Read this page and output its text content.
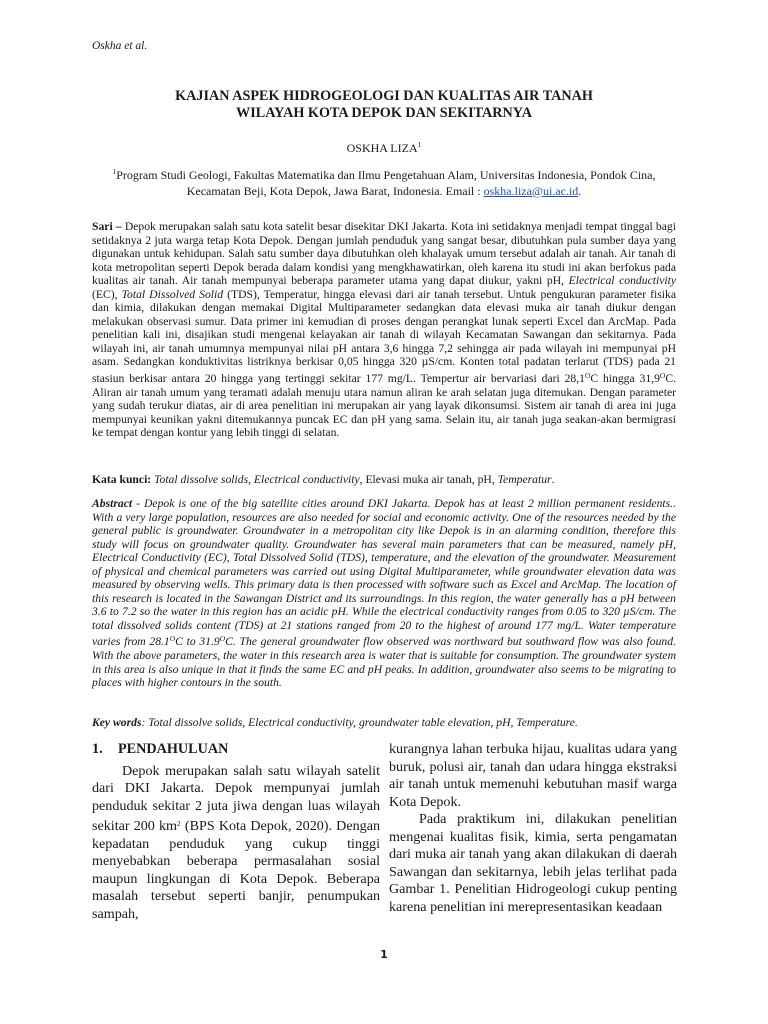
Oskha et al.
KAJIAN ASPEK HIDROGEOLOGI DAN KUALITAS AIR TANAH
WILAYAH KOTA DEPOK DAN SEKITARNYA
OSKHA LIZA$^1$
$^1$Program Studi Geologi, Fakultas Matematika dan Ilmu Pengetahuan Alam, Universitas Indonesia, Pondok Cina, Kecamatan Beji, Kota Depok, Jawa Barat, Indonesia. Email : oskha.liza@ui.ac.id.
Sari – Depok merupakan salah satu kota satelit besar disekitar DKI Jakarta. Kota ini setidaknya menjadi tempat tinggal bagi setidaknya 2 juta warga tetap Kota Depok. Dengan jumlah penduduk yang sangat besar, dibutuhkan pula sumber daya yang digunakan untuk kehidupan. Salah satu sumber daya dibutuhkan oleh khalayak umum tersebut adalah air tanah. Air tanah di kota metropolitan seperti Depok berada dalam kondisi yang mengkhawatirkan, oleh karena itu studi ini akan berfokus pada kualitas air tanah. Air tanah mempunyai beberapa parameter utama yang dapat diukur, yakni pH, Electrical conductivity (EC), Total Dissolved Solid (TDS), Temperatur, hingga elevasi dari air tanah tersebut. Untuk pengukuran parameter fisika dan kimia, dilakukan dengan memakai Digital Multiparameter sedangkan data elevasi muka air tanah diukur dengan melakukan observasi sumur. Data primer ini kemudian di proses dengan perangkat lunak seperti Excel dan ArcMap. Pada penelitian kali ini, disajikan studi mengenai kelayakan air tanah di wilayah Kecamatan Sawangan dan sekitarnya. Pada wilayah ini, air tanah umumnya mempunyai nilai pH antara 3,6 hingga 7,2 sehingga air pada wilayah ini mempunyai pH asam. Sedangkan konduktivitas listriknya berkisar 0,05 hingga 320 µS/cm. Konten total padatan terlarut (TDS) pada 21 stasiun berkisar antara 20 hingga yang tertinggi sekitar 177 mg/L. Tempertur air bervariasi dari $28,1^OC$ hingga $31,9^OC$. Aliran air tanah umum yang teramati adalah menuju utara namun aliran ke arah selatan juga ditemukan. Dengan parameter yang sudah terukur diatas, air di area penelitian ini merupakan air yang layak dikonsumsi. Sistem air tanah di area ini juga mempunyai keunikan yakni ditemukannya puncak EC dan pH yang sama. Selain itu, air tanah juga seakan-akan bermigrasi ke tempat dengan kontur yang lebih tinggi di selatan.
Kata kunci: Total dissolve solids, Electrical conductivity, Elevasi muka air tanah, pH, Temperatur.
Abstract - Depok is one of the big satellite cities around DKI Jakarta. Depok has at least 2 million permanent residents.. With a very large population, resources are also needed for social and economic activity. One of the resources needed by the general public is groundwater. Groundwater in a metropolitan city like Depok is in an alarming condition, therefore this study will focus on groundwater quality. Groundwater has several main parameters that can be measured, namely pH, Electrical Conductivity (EC), Total Dissolved Solid (TDS), temperature, and the elevation of the groundwater. Measurement of physical and chemical parameters was carried out using Digital Multiparameter, while groundwater elevation data was measured by observing wells. This primary data is then processed with software such as Excel and ArcMap. The location of this research is located in the Sawangan District and its surroundings. In this region, the water generally has a pH between 3.6 to 7.2 so the water in this region has an acidic pH. While the electrical conductivity ranges from 0.05 to 320 µS/cm. The total dissolved solids content (TDS) at 21 stations ranged from 20 to the highest of around 177 mg/L. Water temperature varies from $28.1^OC$ to $31.9^OC$. The general groundwater flow observed was northward but southward flow was also found. With the above parameters, the water in this research area is water that is suitable for consumption. The groundwater system in this area is also unique in that it finds the same EC and pH peaks. In addition, groundwater also seems to be migrating to places with higher contours in the south.
Key words: Total dissolve solids, Electrical conductivity, groundwater table elevation, pH, Temperature.
1. PENDAHULUAN

Depok merupakan salah satu wilayah satelit dari DKI Jakarta. Depok mempunyai jumlah penduduk sekitar 2 juta jiwa dengan luas wilayah sekitar 200 $km^2$ (BPS Kota Depok, 2020). Dengan kepadatan penduduk yang cukup tinggi menyebabkan beberapa permasalahan sosial maupun lingkungan di Kota Depok. Beberapa masalah tersebut seperti banjir, penumpukan sampah,

kurangnya lahan terbuka hijau, kualitas udara yang buruk, polusi air, tanah dan udara hingga ekstraksi air tanah untuk memenuhi kebutuhan masif warga Kota Depok.

Pada praktikum ini, dilakukan penelitian mengenai kualitas fisik, kimia, serta pengamatan dari muka air tanah yang akan dilakukan di daerah Sawangan dan sekitarnya, lebih jelas terlihat pada Gambar 1. Penelitian Hidrogeologi cukup penting karena penelitian ini merepresentasikan keadaan

1
